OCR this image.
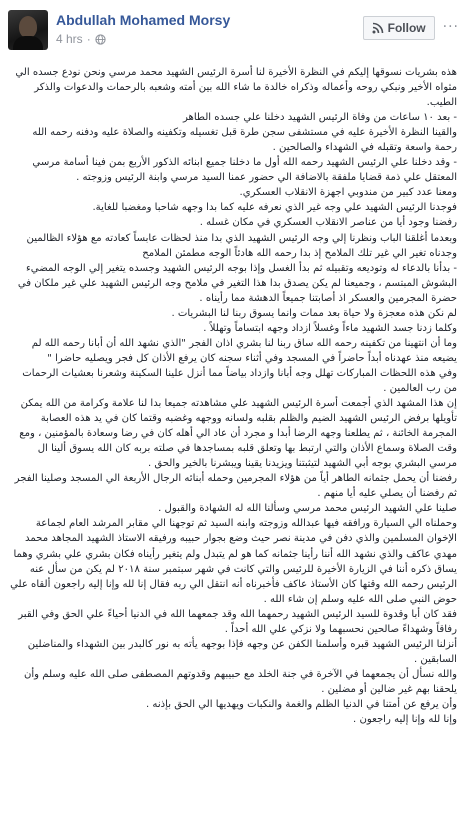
Abdullah Mohamed Morsy
4 hrs ·
Follow ···

هذه بشريات نسوقها إليكم في النظرة الأخيرة لنا أسرة الرئيس الشهيد محمد مرسي ونحن نودع جسده الي مثواه الأخير ونبكي روحه وأعماله وذكراه خالدة ما شاء الله بين أمته وشعبه بالرحمات والدعوات والذكر الطيب.

- بعد ١٠ ساعات من وفاة الرئيس الشهيد دخلنا علي جسده الطاهر

والقينا النظرة الأخيرة عليه في مستشفى سجن طرة قبل تغسيله وتكفينه والصلاة عليه ودفنه رحمه الله رحمة واسعة وتقبله في الشهداء والصالحين .

- وقد دخلنا علي الرئيس الشهيد رحمه الله أول ما دخلنا جميع ابنائه الذكور الأربع بمن فينا أسامة مرسي المعتقل علي ذمة قضايا ملفقة بالاضافة الي حضور عمنا السيد مرسي وابنة الرئيس وزوجته .

ومعنا عدد كبير من مندوبي اجهزة الانقلاب العسكري.

فوجدنا الرئيس الشهيد علي وجه غير الذي نعرفه عليه كما بدا وجهه شاحبا ومغضبا للغاية.

رفضنا وجود أيا من عناصر الانقلاب العسكري في مكان غسله .

وبعدما أغلقنا الباب ونظرنا إلي وجه الرئيس الشهيد الذي بدا منذ لحظات عابساً كعادته مع هؤلاء الظالمين وجدناه تغير الي غير تلك الملامح إذ بدا رحمه الله هادئاً الوجه مطمئن الملامح

- بدأنا بالدعاء له وتوديعه وتقبيله ثم بدأ الغسل وإذا بوجه الرئيس الشهيد وجسده يتغير إلي الوجه المضيء البشوش المبتسم ، وجميعنا لم يكن يصدق بدا هذا التغير في ملامح وجه الرئيس الشهيد علي غير ملكان في حضرة المجرمين والعسكر اذ أصابتنا جميعاً الدهشة مما رأيناه .

لم نكن هذه معجزة ولا حياة بعد ممات وانما يسوق ربنا لنا البشريات .

وكلما زدنا جسد الشهيد ماءاً وغسلاً ازداد وجهه ابتساماً وتهللاً .

وما أن انتهينا من تكفينه رحمه الله ساق ربنا لنا بشري اذان الفجر "الذي نشهد الله أن أبانا رحمه الله لم يضيعه منذ عهدناه أبداً حاضراً في المسجد وفي أثناء سجنه كان يرفع الأذان كل فجر ويصليه حاضرا "

وفي هذه اللحظات المباركات تهلل وجه أبانا وازداد بياضاً مما أنزل علينا السكينة وشعرنا بعشيات الرحمات من رب العالمين .

إن هذا المشهد الذي أجمعت أسرة الرئيس الشهيد علي مشاهدته جميعا بدا لنا علامة وكرامة من الله يمكن تأويلها برفض الرئيس الشهيد الضيم والظلم بقلبه ولسانه ووجهه وغضبه وقتما كان في يد هذه العصابة المجرمة الخائنة ، ثم يطلعنا وجهه الرضا أبدا و مجرد أن عاد الي أهله كان في رضا وسعادة بالمؤمنين ، ومع وقت الصلاة وسماع الأذان والتي ارتبط بها وتعلق قلبه بمساجدها في صلته بربه كان الله يسوق ألينا ال مرسي البشري بوجه أبي الشهيد لتيثبتنا ويزيدنا يقينا ويبشرنا بالخير والحق .

رفضنا أن يحمل جثمانه الطاهر أياً من هؤلاء المجرمين وحمله أبنائه الرجال الأربعة الي المسجد وصلينا الفجر ثم رفضنا أن يصلي عليه أيا منهم .

صلينا علي الشهيد الرئيس محمد مرسي وسألنا الله له الشهادة والقبول .

وحملناه الي السيارة ورافقه فيها عبدالله وزوجته وابنه السيد ثم توجهنا الي مقابر المرشد العام لجماعة الإخوان المسلمين والذي دفن في مدينة نصر حيث وضع بجوار حبيبه ورفيقه الاستاذ الشهيد المجاهد محمد مهدي عاكف والذي نشهد الله أننا رأينا جثمانه كما هو لم يتبدل ولم يتغير رأيناه فكان بشري علي بشري وهما يساق ذكره أننا في الزيارة الأخيرة للرئيس والتي كانت في شهر سبتمبر سنة ٢٠١٨ لم يكن من سأل عنه الرئيس رحمه الله وقتها كان الأستاذ عاكف فأخبرناه أنه انتقل الي ربه فقال إنا لله وإنا إليه راجعون ألقاه علي حوض النبي صلى الله عليه وسلم إن شاء الله .

فقد كان أبا وقدوة للسيد الرئيس الشهيد رحمهما الله وقد جمعهما الله في الدنيا أحياءً علي الحق وفي القبر رفاقاً وشهداءً صالحين نحسبهما ولا نزكي علي الله أحداً .

أنزلنا الرئيس الشهيد قبره وأسلمنا الكفن عن وجهه فإذا بوجهه يأته به نور كالبدر بين الشهداء والمناضلين السابقين .

والله نسأل أن يجمعهما في الآخرة في جنة الخلد مع حبيبهم وقدوتهم المصطفى صلى الله عليه وسلم وأن يلحقنا بهم غير ضالين أو مضلين .

وأن يرفع عن أمتنا في الدنيا الظلم والغمة والنكبات ويهديها الي الحق بإذنه .

وإنا لله وإنا إليه راجعون .
